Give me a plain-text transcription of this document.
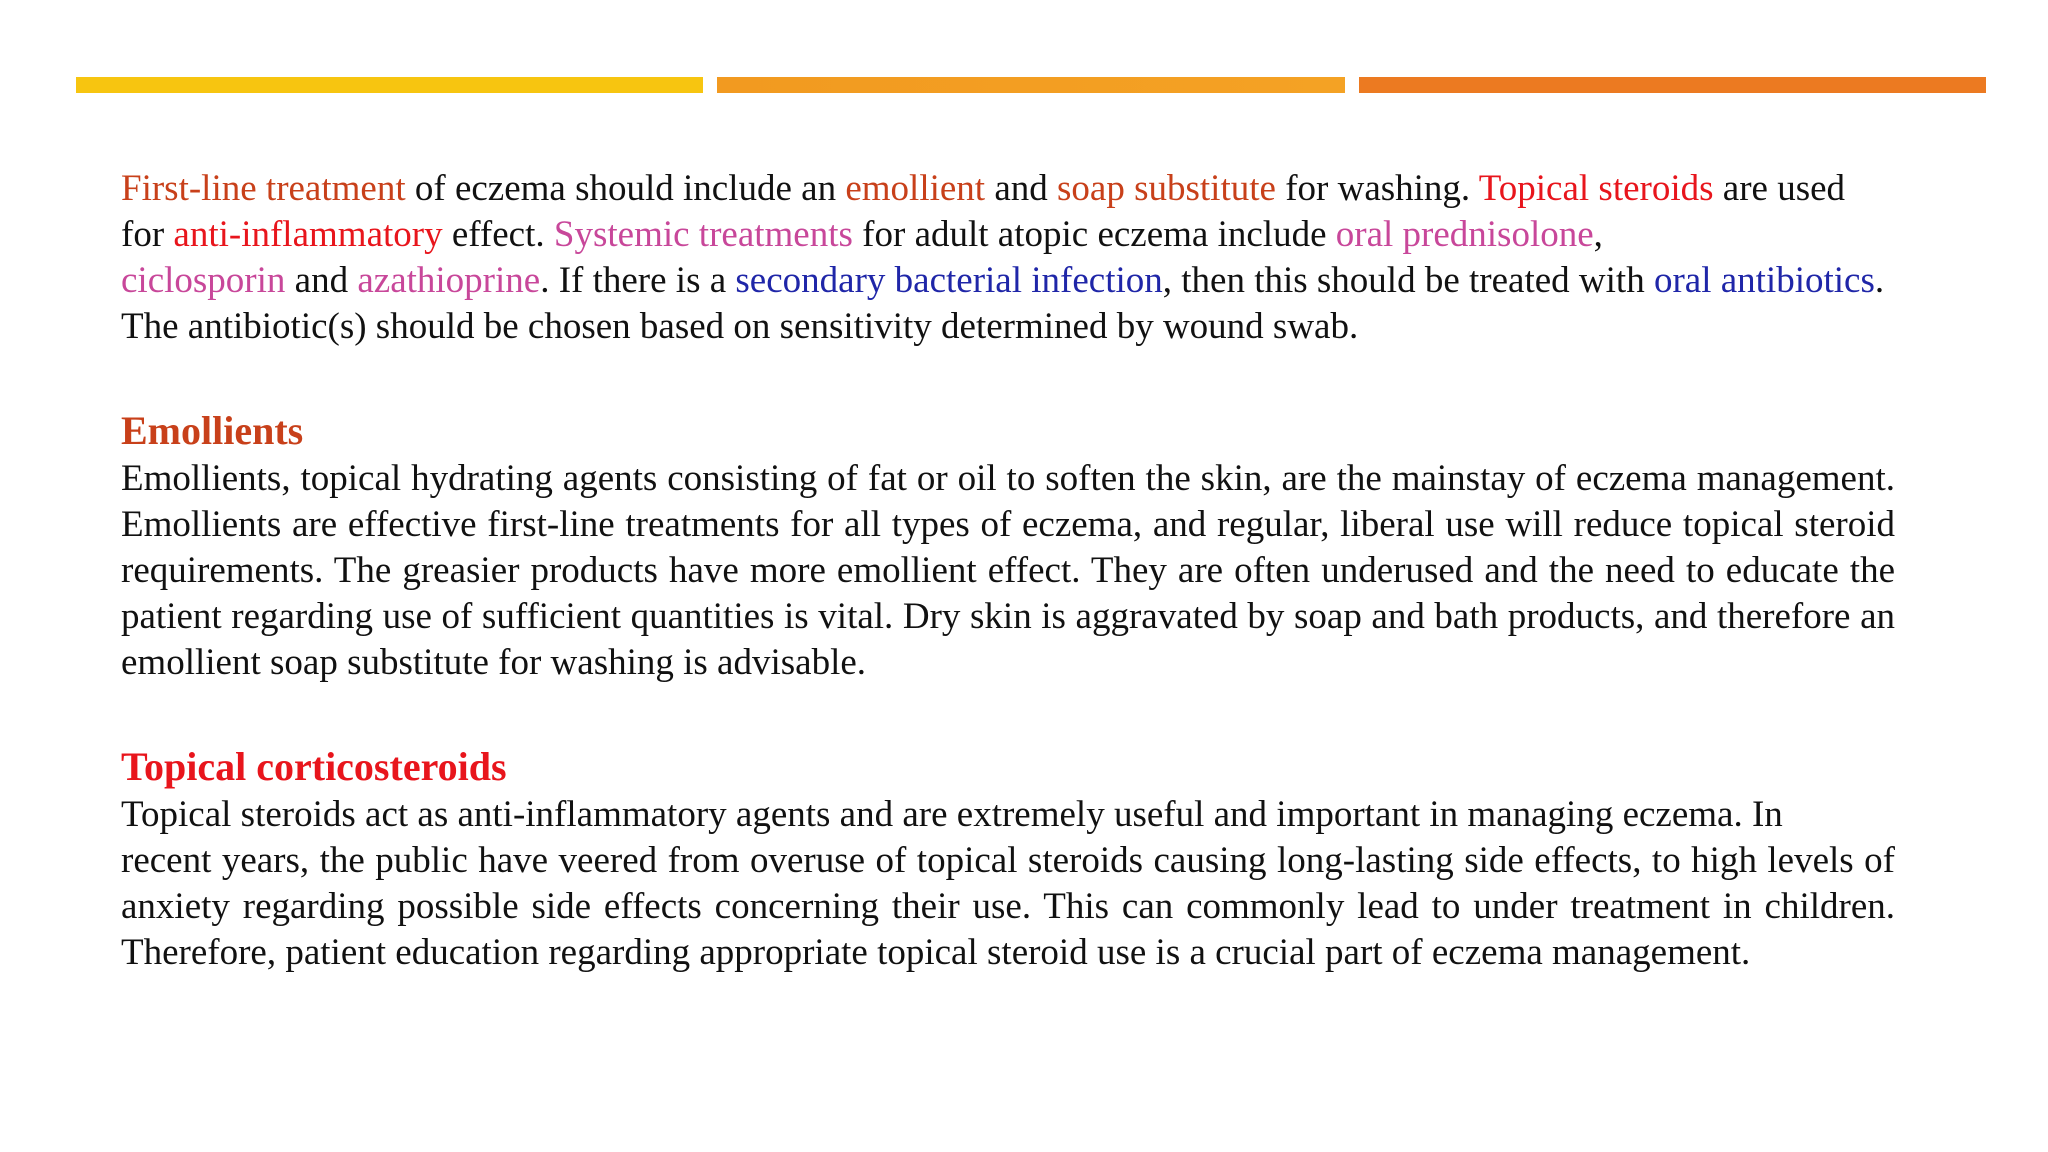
First-line treatment of eczema should include an emollient and soap substitute for washing. Topical steroids are used for anti-inflammatory effect. Systemic treatments for adult atopic eczema include oral prednisolone,
ciclosporin and azathioprine. If there is a secondary bacterial infection, then this should be treated with oral antibiotics. The antibiotic(s) should be chosen based on sensitivity determined by wound swab.

Emollients

Emollients, topical hydrating agents consisting of fat or oil to soften the skin, are the mainstay of eczema management. Emollients are effective first-line treatments for all types of eczema, and regular, liberal use will reduce topical steroid requirements. The greasier products have more emollient effect. They are often underused and the need to educate the patient regarding use of sufficient quantities is vital. Dry skin is aggravated by soap and bath products, and therefore an emollient soap substitute for washing is advisable.

Topical corticosteroids

Topical steroids act as anti-inflammatory agents and are extremely useful and important in managing eczema. In

recent years, the public have veered from overuse of topical steroids causing long-lasting side effects, to high levels of anxiety regarding possible side effects concerning their use. This can commonly lead to under treatment in children. Therefore, patient education regarding appropriate topical steroid use is a crucial part of eczema management.
